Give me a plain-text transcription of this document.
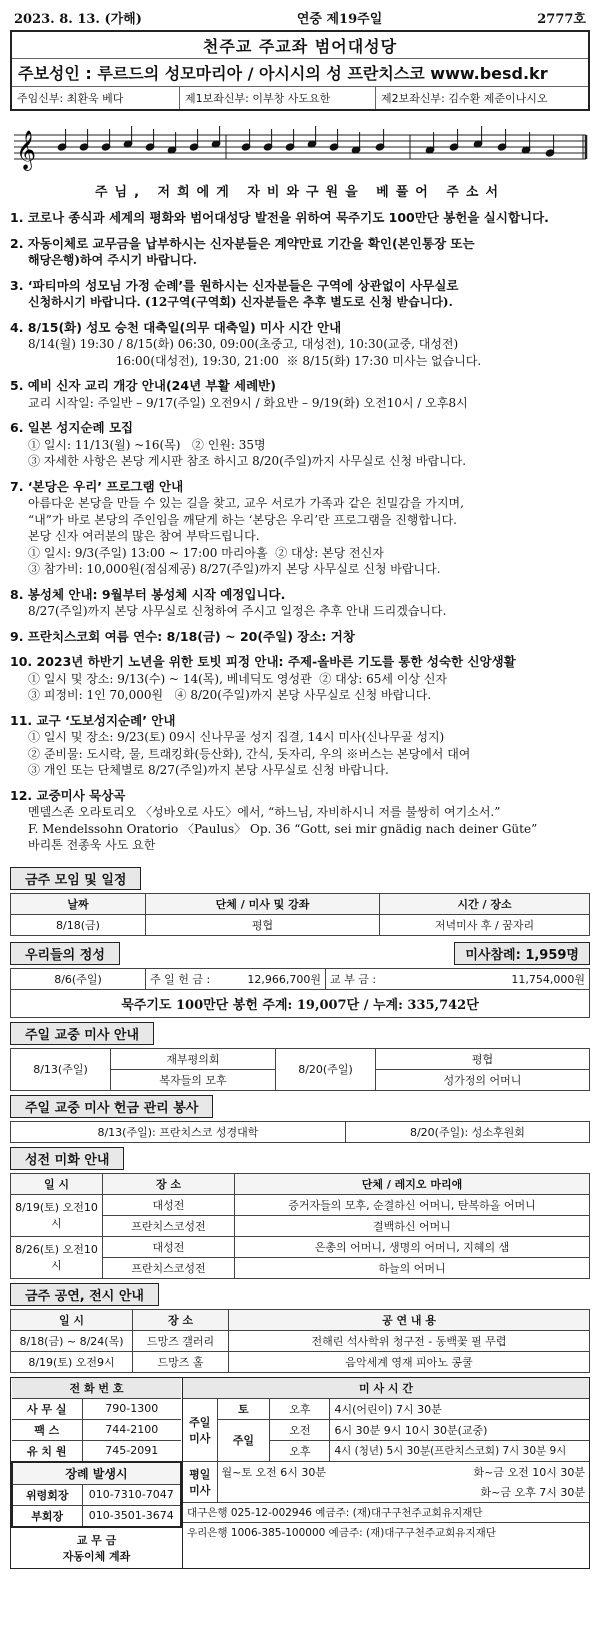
2023. 8. 13. (가해)	연중 제19주일	2777호
천주교 주교좌 범어대성당
주보성인 : 루르드의 성모마리아 / 아시시의 성 프란치스코 www.besd.kr
주임신부: 최환욱 베다	제1보좌신부: 이부창 사도요한	제2보좌신부: 김수환 제준이나시오
𝄞
주님, 저희에게 자비와구원을 베풀어 주소서
1. 코로나 종식과 세계의 평화와 범어대성당 발전을 위하여 묵주기도 100만단 봉헌을 실시합니다.
2. 자동이체로 교무금을 납부하시는 신자분들은 계약만료 기간을 확인(본인통장 또는
해당은행)하여 주시기 바랍니다.
3. ‘파티마의 성모님 가정 순례’를 원하시는 신자분들은 구역에 상관없이 사무실로
신청하시기 바랍니다. (12구역(구역회) 신자분들은 추후 별도로 신청 받습니다).
4. 8/15(화) 성모 승천 대축일(의무 대축일) 미사 시간 안내
8/14(월) 19:30 / 8/15(화) 06:30, 09:00(초중고, 대성전), 10:30(교중, 대성전)
16:00(대성전), 19:30, 21:00  ※ 8/15(화) 17:30 미사는 없습니다.
5. 예비 신자 교리 개강 안내(24년 부활 세례반)
교리 시작일: 주일반 – 9/17(주일) 오전9시 / 화요반 – 9/19(화) 오전10시 / 오후8시
6. 일본 성지순례 모집
① 일시: 11/13(월) ~16(목)   ② 인원: 35명
③ 자세한 사항은 본당 게시판 참조 하시고 8/20(주일)까지 사무실로 신청 바랍니다.
7. ‘본당은 우리’ 프로그램 안내
아름다운 본당을 만들 수 있는 길을 찾고, 교우 서로가 가족과 같은 친밀감을 가지며,
“내”가 바로 본당의 주인임을 깨닫게 하는 ‘본당은 우리’란 프로그램을 진행합니다.
본당 신자 여러분의 많은 참여 부탁드립니다.
① 일시: 9/3(주일) 13:00 ~ 17:00 마리아홀  ② 대상: 본당 전신자
③ 참가비: 10,000원(점심제공) 8/27(주일)까지 본당 사무실로 신청 바랍니다.
8. 봉성체 안내: 9월부터 봉성체 시작 예정입니다.
8/27(주일)까지 본당 사무실로 신청하여 주시고 일정은 추후 안내 드리겠습니다.
9. 프란치스코회 여름 연수: 8/18(금) ~ 20(주일) 장소: 거창
10. 2023년 하반기 노년을 위한 토빗 피정 안내: 주제-올바른 기도를 통한 성숙한 신앙생활
① 일시 및 장소: 9/13(수) ~ 14(목), 베네딕도 영성관  ② 대상: 65세 이상 신자
③ 피정비: 1인 70,000원   ④ 8/20(주일)까지 본당 사무실로 신청 바랍니다.
11. 교구 ‘도보성지순례’ 안내
① 일시 및 장소: 9/23(토) 09시 신나무골 성지 집결, 14시 미사(신나무골 성지)
② 준비물: 도시락, 물, 트래킹화(등산화), 간식, 돗자리, 우의 ※버스는 본당에서 대여
③ 개인 또는 단체별로 8/27(주일)까지 본당 사무실로 신청 바랍니다.
12. 교중미사 묵상곡
멘델스존 오라토리오 〈성바오로 사도〉에서, “하느님, 자비하시니 저를 불쌍히 여기소서.”
F. Mendelssohn Oratorio 〈Paulus〉 Op. 36 “Gott, sei mir gnädig nach deiner Güte”
바리톤 전종욱 사도 요한
금주 모임 및 일정
날짜	단체 / 미사 및 강좌	시간 / 장소
8/18(금)	평협	저녁미사 후 / 꿈자리
우리들의 정성	미사참례: 1,959명
8/6(주일)	주 일 헌 금 :	12,966,700원	교 부 금 :	11,754,000원
묵주기도 100만단 봉헌 주계: 19,007단 / 누계: 335,742단
주일 교중 미사 안내
8/13(주일)	재부평의회	8/20(주일)	평협
	복자들의 모후		성가정의 어머니
주일 교중 미사 헌금 관리 봉사
8/13(주일): 프란치스코 성경대학	8/20(주일): 성소후원회
성전 미화 안내
일 시	장 소	단체 / 레지오 마리애
8/19(토) 오전10시	대성전	증거자들의 모후, 순결하신 어머니, 탄복하올 어머니
	프란치스코성전	결백하신 어머니
8/26(토) 오전10시	대성전	은총의 어머니, 생명의 어머니, 지혜의 샘
	프란치스코성전	하늘의 어머니
금주 공연, 전시 안내
일 시	장 소	공 연 내 용
8/18(금) ~ 8/24(목)	드망즈 갤러리	전해린 석사학위 청구전 - 동백꽃 필 무렵
8/19(토) 오전9시	드망즈 홀	음악세계 영재 피아노 콩쿨
전 화 번 호	
사 무 실	790-1300
팩 스	744-2100
유 치 원	745-2091
장례 발생시	
위령회장	010-7310-7047
부회장	010-3501-3674
교 무 금
자동이체 계좌	
미 사 시 간			
주일
미사	토	오후	4시(어린이) 7시 30분
	주일	오전	6시 30분 9시 10시 30분(교중)
		오후	4시 (청년) 5시 30분(프란치스코회) 7시 30분 9시
평일
미사	월~토 오전 6시 30분		화~금 오전 10시 30분
			화~금 오후 7시 30분
대구은행 025-12-002946 예금주: (재)대구구천주교회유지재단			
우리은행 1006-385-100000 예금주: (재)대구구천주교회유지재단			
